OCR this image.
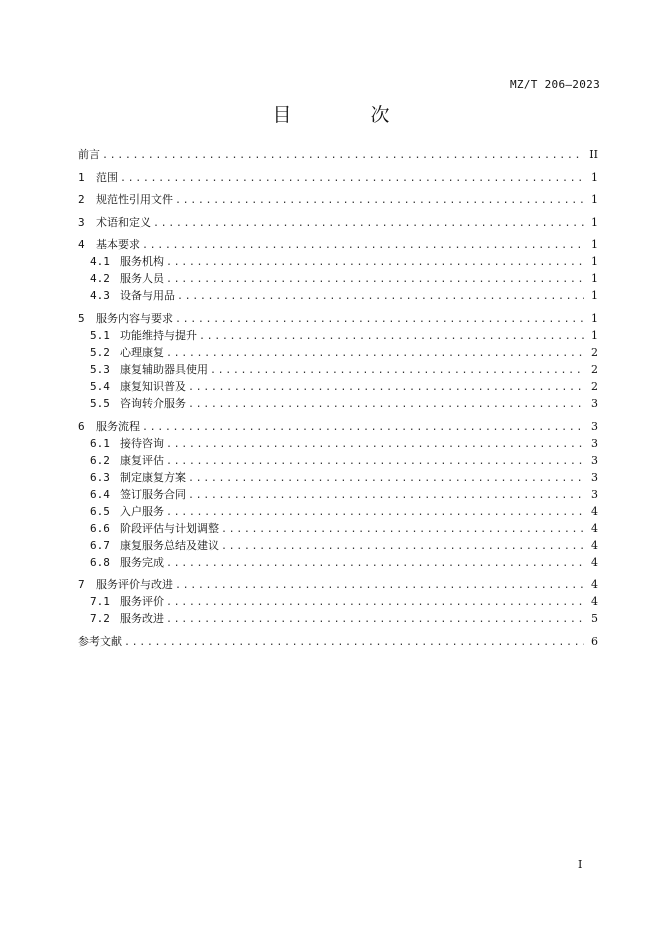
MZ/T 206—2023
目　次
前言 .....	II
1	范围 .....	1
2	规范性引用文件 .....	1
3	术语和定义 .....	1
4	基本要求 .....	1
4.1 服务机构 .....	1
4.2 服务人员 .....	1
4.3 设备与用品 .....	1
5	服务内容与要求 .....	1
5.1 功能维持与提升 .....	1
5.2 心理康复 .....	2
5.3 康复辅助器具使用 .....	2
5.4 康复知识普及 .....	2
5.5 咨询转介服务 .....	3
6	服务流程 .....	3
6.1 接待咨询 .....	3
6.2 康复评估 .....	3
6.3 制定康复方案 .....	3
6.4 签订服务合同 .....	3
6.5 入户服务 .....	4
6.6 阶段评估与计划调整 .....	4
6.7 康复服务总结及建议 .....	4
6.8 服务完成 .....	4
7	服务评价与改进 .....	4
7.1 服务评价 .....	4
7.2 服务改进 .....	5
参考文献 .....	6
I
